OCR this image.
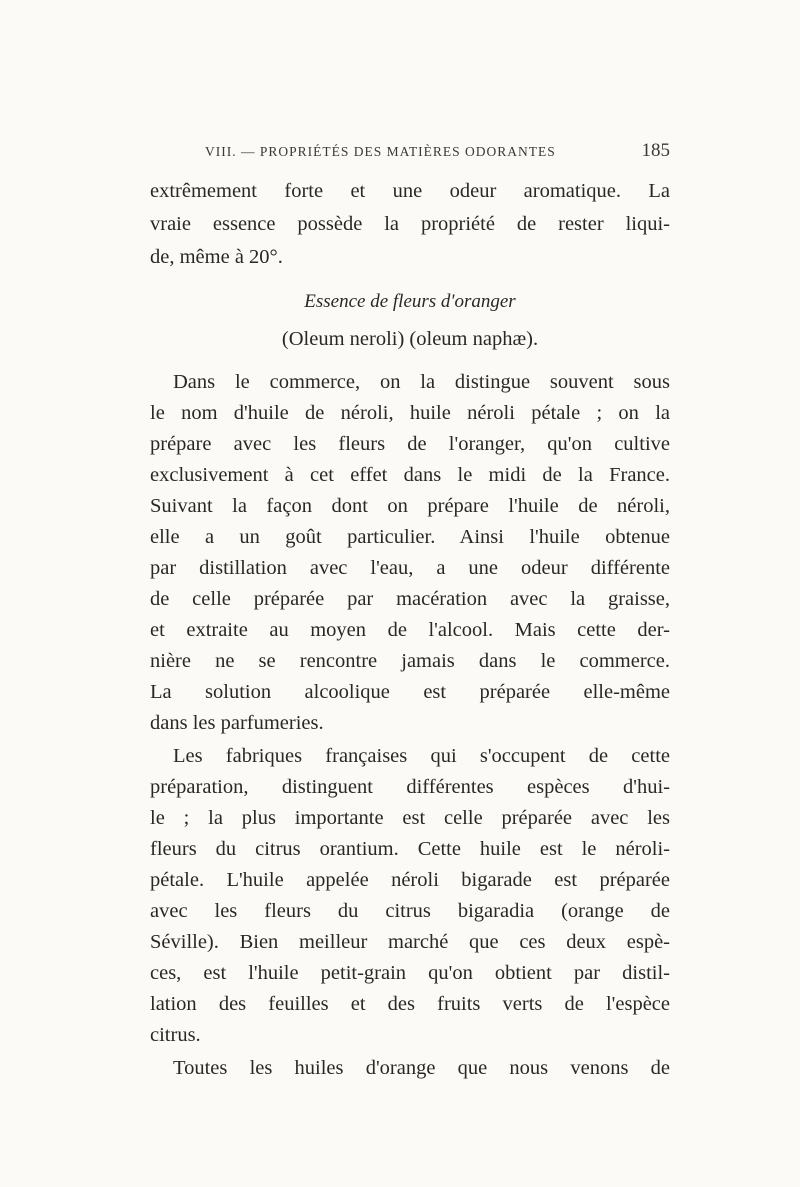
VIII. — PROPRIÉTÉS DES MATIÈRES ODORANTES	185
extrêmement forte et une odeur aromatique. La
vraie essence possède la propriété de rester liqui-
de, même à 20°.
Essence de fleurs d'oranger
(Oleum neroli) (oleum naphæ).
Dans le commerce, on la distingue souvent sous
le nom d'huile de néroli, huile néroli pétale ; on la
prépare avec les fleurs de l'oranger, qu'on cultive
exclusivement à cet effet dans le midi de la France.
Suivant la façon dont on prépare l'huile de néroli,
elle a un goût particulier. Ainsi l'huile obtenue
par distillation avec l'eau, a une odeur différente
de celle préparée par macération avec la graisse,
et extraite au moyen de l'alcool. Mais cette der-
nière ne se rencontre jamais dans le commerce.
La solution alcoolique est préparée elle-même
dans les parfumeries.
Les fabriques françaises qui s'occupent de cette
préparation, distinguent différentes espèces d'hui-
le ; la plus importante est celle préparée avec les
fleurs du citrus orantium. Cette huile est le néroli-
pétale. L'huile appelée néroli bigarade est préparée
avec les fleurs du citrus bigaradia (orange de
Séville). Bien meilleur marché que ces deux espè-
ces, est l'huile petit-grain qu'on obtient par distil-
lation des feuilles et des fruits verts de l'espèce
citrus.
Toutes les huiles d'orange que nous venons de
